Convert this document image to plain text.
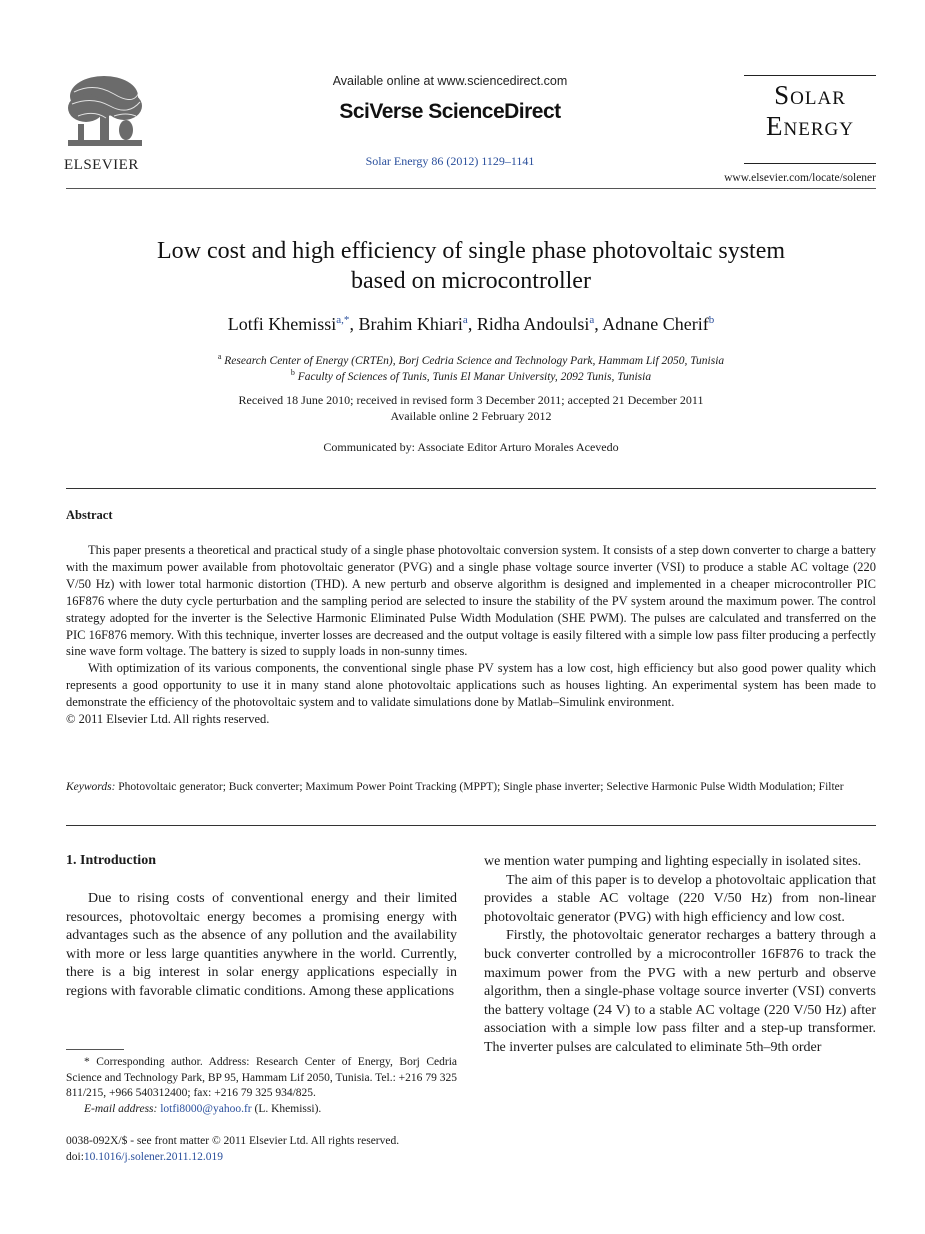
ELSEVIER
Available online at www.sciencedirect.com
SciVerse ScienceDirect
Solar Energy 86 (2012) 1129–1141
Solar
Energy
www.elsevier.com/locate/solener
Low cost and high efficiency of single phase photovoltaic system
based on microcontroller
Lotfi Khemissi$^{a,*}$, Brahim Khiari$^a$, Ridha Andoulsi$^a$, Adnane Cherif$^b$
$^a$ Research Center of Energy (CRTEn), Borj Cedria Science and Technology Park, Hammam Lif 2050, Tunisia
$^b$ Faculty of Sciences of Tunis, Tunis El Manar University, 2092 Tunis, Tunisia
Received 18 June 2010; received in revised form 3 December 2011; accepted 21 December 2011
Available online 2 February 2012
Communicated by: Associate Editor Arturo Morales Acevedo
Abstract

This paper presents a theoretical and practical study of a single phase photovoltaic conversion system. It consists of a step down converter to charge a battery with the maximum power available from photovoltaic generator (PVG) and a single phase voltage source inverter (VSI) to produce a stable AC voltage (220 V/50 Hz) with lower total harmonic distortion (THD). A new perturb and observe algorithm is designed and implemented in a cheaper microcontroller PIC 16F876 where the duty cycle perturbation and the sampling period are selected to insure the stability of the PV system around the maximum power. The control strategy adopted for the inverter is the Selective Harmonic Eliminated Pulse Width Modulation (SHE PWM). The pulses are calculated and transferred on the PIC 16F876 memory. With this technique, inverter losses are decreased and the output voltage is easily filtered with a simple low pass filter producing a perfectly sine wave form voltage. The battery is sized to supply loads in non-sunny times.

With optimization of its various components, the conventional single phase PV system has a low cost, high efficiency but also good power quality which represents a good opportunity to use it in many stand alone photovoltaic applications such as houses lighting. An experimental system has been made to demonstrate the efficiency of the photovoltaic system and to validate simulations done by Matlab–Simulink environment.

© 2011 Elsevier Ltd. All rights reserved.

Keywords: Photovoltaic generator; Buck converter; Maximum Power Point Tracking (MPPT); Single phase inverter; Selective Harmonic Pulse Width Modulation; Filter
1. Introduction

Due to rising costs of conventional energy and their limited resources, photovoltaic energy becomes a promising energy with advantages such as the absence of any pollution and the availability with more or less large quantities anywhere in the world. Currently, there is a big interest in solar energy applications especially in regions with favorable climatic conditions. Among these applications

we mention water pumping and lighting especially in isolated sites.

The aim of this paper is to develop a photovoltaic application that provides a stable AC voltage (220 V/50 Hz) from non-linear photovoltaic generator (PVG) with high efficiency and low cost.

Firstly, the photovoltaic generator recharges a battery through a buck converter controlled by a microcontroller 16F876 to track the maximum power from the PVG with a new perturb and observe algorithm, then a single-phase voltage source inverter (VSI) converts the battery voltage (24 V) to a stable AC voltage (220 V/50 Hz) after association with a simple low pass filter and a step-up transformer. The inverter pulses are calculated to eliminate 5th–9th order

* Corresponding author. Address: Research Center of Energy, Borj Cedria Science and Technology Park, BP 95, Hammam Lif 2050, Tunisia. Tel.: +216 79 325 811/215, +966 540312400; fax: +216 79 325 934/825.

E-mail address: lotfi8000@yahoo.fr (L. Khemissi).

0038-092X/$ - see front matter © 2011 Elsevier Ltd. All rights reserved.
doi:10.1016/j.solener.2011.12.019
